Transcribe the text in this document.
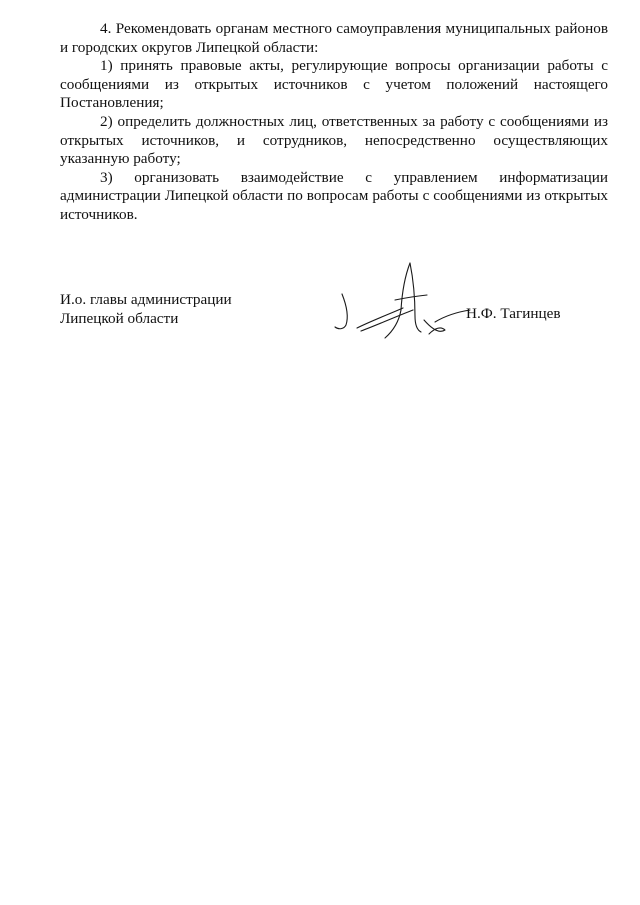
4. Рекомендовать органам местного самоуправления муниципальных районов и городских округов Липецкой области:

1) принять правовые акты, регулирующие вопросы организации работы с сообщениями из открытых источников с учетом положений настоящего Постановления;

2) определить должностных лиц, ответственных за работу с сообщениями из открытых источников, и сотрудников, непосредственно осуществляющих указанную работу;

3) организовать взаимодействие с управлением информатизации администрации Липецкой области по вопросам работы с сообщениями из открытых источников.

И.о. главы администрации
Липецкой области	Н.Ф. Тагинцев
